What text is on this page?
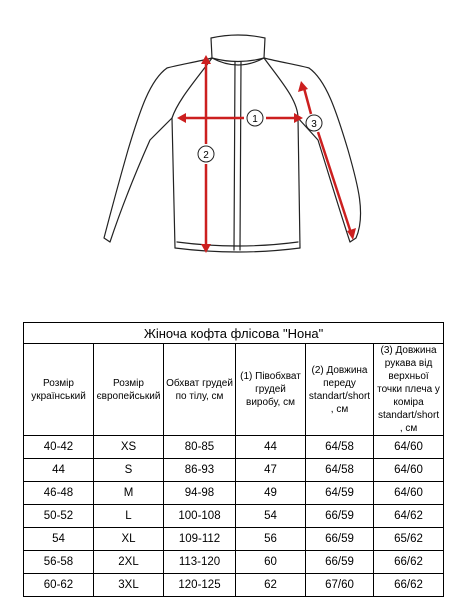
1
2
3
Жіноча кофта флісова "Нона"					
Розмір український	Розмір європейський	Обхват грудей по тілу, см	(1) Півобхват грудей виробу, см	(2) Довжина переду standart/short , см	(3) Довжина рукава від верхньої точки плеча у коміра standart/short , см
40-42	XS	80-85	44	64/58	64/60
44	S	86-93	47	64/58	64/60
46-48	M	94-98	49	64/59	64/60
50-52	L	100-108	54	66/59	64/62
54	XL	109-112	56	66/59	65/62
56-58	2XL	113-120	60	66/59	66/62
60-62	3XL	120-125	62	67/60	66/62
